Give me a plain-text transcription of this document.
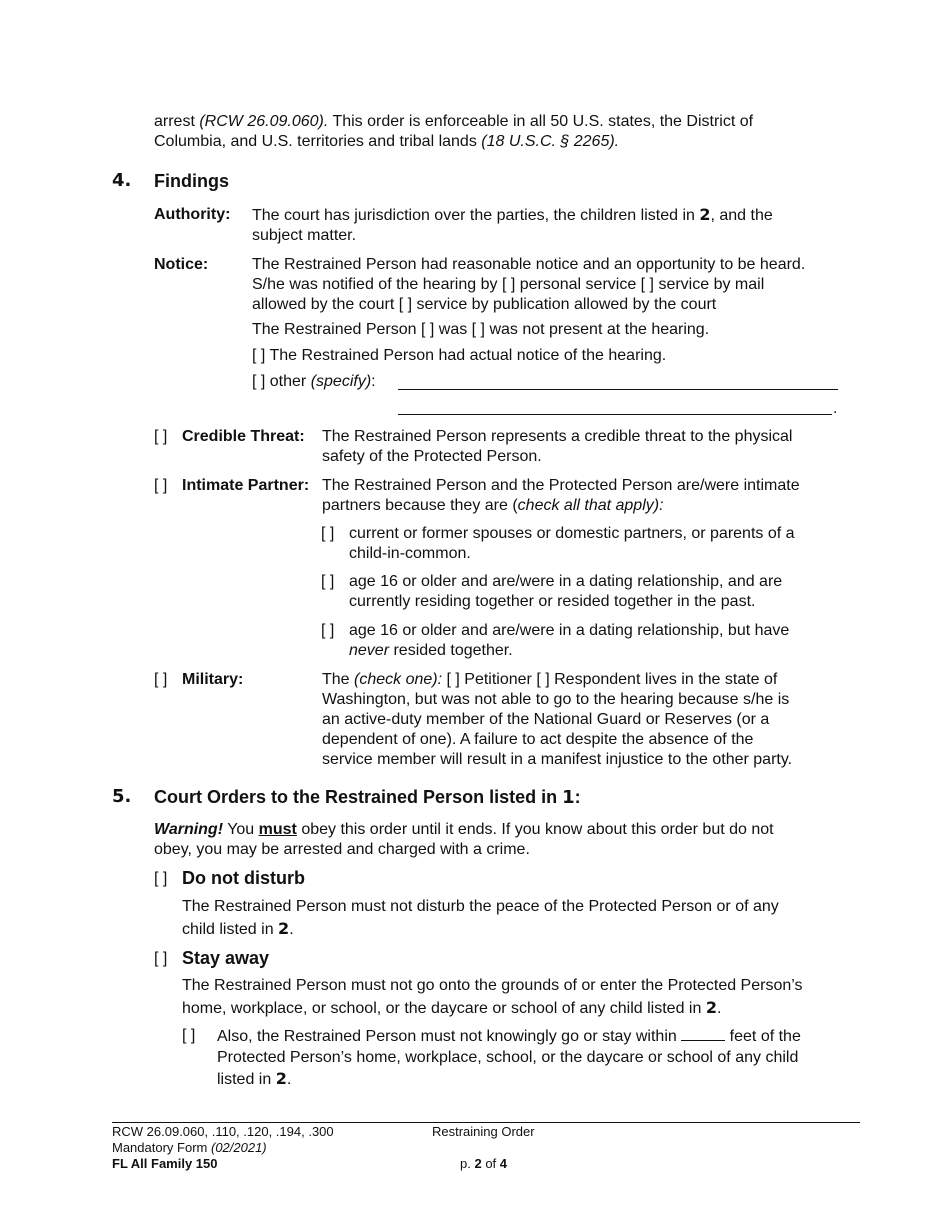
arrest (RCW 26.09.060). This order is enforceable in all 50 U.S. states, the District of

Columbia, and U.S. territories and tribal lands (18 U.S.C. § 2265).

4. Findings
Authority: The court has jurisdiction over the parties, the children listed in 2, and the

subject matter.

Notice:	The Restrained Person had reasonable notice and an opportunity to be heard.

S/he was notified of the hearing by [ ] personal service [ ] service by mail

allowed by the court [ ] service by publication allowed by the court

The Restrained Person [ ] was [ ] was not present at the hearing.
[ ] The Restrained Person had actual notice of the hearing.
[ ] other (specify):
.
[ ] Credible Threat: The Restrained Person represents a credible threat to the physical

safety of the Protected Person.

[ ] Intimate Partner: The Restrained Person and the Protected Person are/were intimate

partners because they are (check all that apply):

[ ] current or former spouses or domestic partners, or parents of a

child-in-common.

[ ] age 16 or older and are/were in a dating relationship, and are

currently residing together or resided together in the past.

[ ] age 16 or older and are/were in a dating relationship, but have

never resided together.

[ ] Military:	The (check one): [ ] Petitioner [ ] Respondent lives in the state of

Washington, but was not able to go to the hearing because s/he is

an active-duty member of the National Guard or Reserves (or a

dependent of one). A failure to act despite the absence of the

service member will result in a manifest injustice to the other party.

5. Court Orders to the Restrained Person listed in 1:

Warning! You must obey this order until it ends. If you know about this order but do not

obey, you may be arrested and charged with a crime.

[ ] Do not disturb

The Restrained Person must not disturb the peace of the Protected Person or of any

child listed in 2.

[ ] Stay away

The Restrained Person must not go onto the grounds of or enter the Protected Person’s

home, workplace, or school, or the daycare or school of any child listed in 2.

[ ] Also, the Restrained Person must not knowingly go or stay within	feet of the

Protected Person’s home, workplace, school, or the daycare or school of any child

listed in 2.

RCW 26.09.060, .110, .120, .194, .300

Mandatory Form (02/2021)

FL All Family 150

Restraining Order
p. 2 of 4
